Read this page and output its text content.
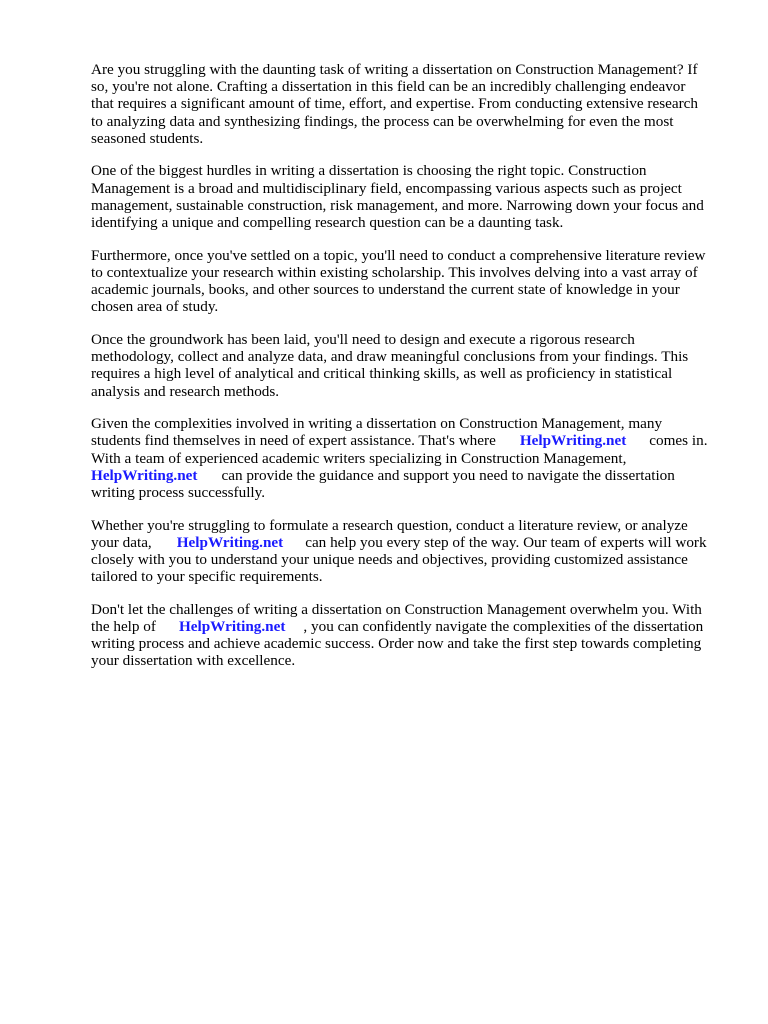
Are you struggling with the daunting task of writing a dissertation on Construction Management? If
so, you're not alone. Crafting a dissertation in this field can be an incredibly challenging endeavor
that requires a significant amount of time, effort, and expertise. From conducting extensive research
to analyzing data and synthesizing findings, the process can be overwhelming for even the most
seasoned students.
One of the biggest hurdles in writing a dissertation is choosing the right topic. Construction
Management is a broad and multidisciplinary field, encompassing various aspects such as project
management, sustainable construction, risk management, and more. Narrowing down your focus and
identifying a unique and compelling research question can be a daunting task.
Furthermore, once you've settled on a topic, you'll need to conduct a comprehensive literature review
to contextualize your research within existing scholarship. This involves delving into a vast array of
academic journals, books, and other sources to understand the current state of knowledge in your
chosen area of study.
Once the groundwork has been laid, you'll need to design and execute a rigorous research
methodology, collect and analyze data, and draw meaningful conclusions from your findings. This
requires a high level of analytical and critical thinking skills, as well as proficiency in statistical
analysis and research methods.
Given the complexities involved in writing a dissertation on Construction Management, many
students find themselves in need of expert assistance. That's where HelpWriting.net comes in.
With a team of experienced academic writers specializing in Construction Management,
HelpWriting.net can provide the guidance and support you need to navigate the dissertation
writing process successfully.
Whether you're struggling to formulate a research question, conduct a literature review, or analyze
your data, HelpWriting.net can help you every step of the way. Our team of experts will work
closely with you to understand your unique needs and objectives, providing customized assistance
tailored to your specific requirements.
Don't let the challenges of writing a dissertation on Construction Management overwhelm you. With
the help of HelpWriting.net , you can confidently navigate the complexities of the dissertation
writing process and achieve academic success. Order now and take the first step towards completing
your dissertation with excellence.
